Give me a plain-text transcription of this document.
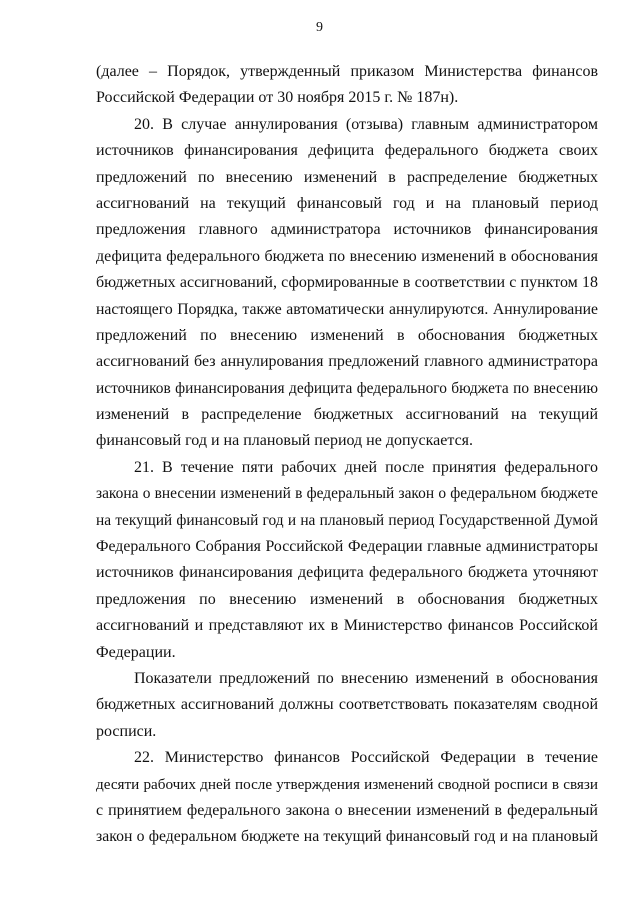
9
(далее – Порядок, утвержденный приказом Министерства финансов
Российской Федерации от 30 ноября 2015 г. № 187н).
20. В случае аннулирования (отзыва) главным администратором
источников финансирования дефицита федерального бюджета своих
предложений по внесению изменений в распределение бюджетных
ассигнований на текущий финансовый год и на плановый период
предложения главного администратора источников финансирования
дефицита федерального бюджета по внесению изменений в обоснования
бюджетных ассигнований, сформированные в соответствии с пунктом 18
настоящего Порядка, также автоматически аннулируются. Аннулирование
предложений по внесению изменений в обоснования бюджетных
ассигнований без аннулирования предложений главного администратора
источников финансирования дефицита федерального бюджета по внесению
изменений в распределение бюджетных ассигнований на текущий
финансовый год и на плановый период не допускается.
21. В течение пяти рабочих дней после принятия федерального
закона о внесении изменений в федеральный закон о федеральном бюджете
на текущий финансовый год и на плановый период Государственной Думой
Федерального Собрания Российской Федерации главные администраторы
источников финансирования дефицита федерального бюджета уточняют
предложения по внесению изменений в обоснования бюджетных
ассигнований и представляют их в Министерство финансов Российской
Федерации.
Показатели предложений по внесению изменений в обоснования
бюджетных ассигнований должны соответствовать показателям сводной
росписи.
22. Министерство финансов Российской Федерации в течение
десяти рабочих дней после утверждения изменений сводной росписи в связи
с принятием федерального закона о внесении изменений в федеральный
закон о федеральном бюджете на текущий финансовый год и на плановый
